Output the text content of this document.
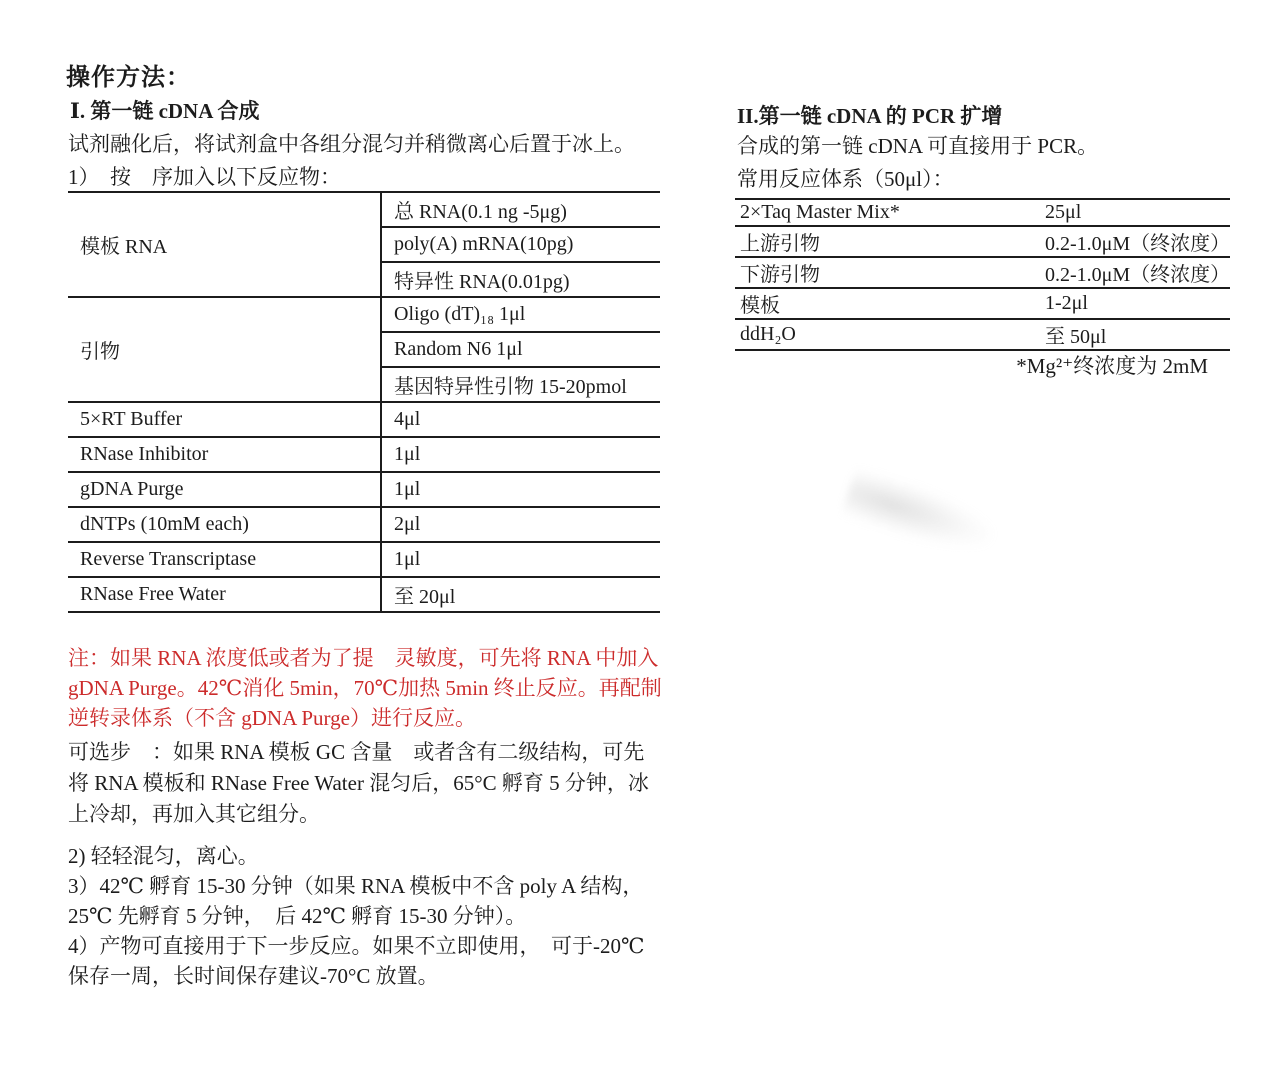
操作方法：
Ⅰ. 第一链 cDNA 合成
试剂融化后，将试剂盒中各组分混匀并稍微离心后置于冰上。
1）　按　序加入以下反应物：
模板 RNA	总 RNA(0.1 ng -5μg)
	poly(A) mRNA(10pg)
	特异性 RNA(0.01pg)
引物	Oligo (dT)₁₈ 1μl
	Random N6 1μl
	基因特异性引物 15-20pmol
5×RT Buffer	4μl
RNase Inhibitor	1μl
gDNA Purge	1μl
dNTPs (10mM each)	2μl
Reverse Transcriptase	1μl
RNase Free Water	至 20μl
注：如果 RNA 浓度低或者为了提　灵敏度，可先将 RNA 中加入
gDNA Purge。42℃消化 5min，70℃加热 5min 终止反应。再配制
逆转录体系（不含 gDNA Purge）进行反应。
可选步　：如果 RNA 模板 GC 含量　或者含有二级结构，可先
将 RNA 模板和 RNase Free Water 混匀后，65°C 孵育 5 分钟，冰
上冷却，再加入其它组分。
2) 轻轻混匀，离心。
3）42℃ 孵育 15-30 分钟（如果 RNA 模板中不含 poly A 结构，
25℃ 先孵育 5 分钟，　后 42℃ 孵育 15-30 分钟）。
4）产物可直接用于下一步反应。如果不立即使用，　可于-20℃
保存一周，长时间保存建议-70°C 放置。
II.第一链 cDNA 的 PCR 扩增
合成的第一链 cDNA 可直接用于 PCR。
常用反应体系（50μl）：
2×Taq Master Mix*	25μl
上游引物	0.2-1.0μM（终浓度）
下游引物	0.2-1.0μM（终浓度）
模板	1-2μl
ddH₂O	至 50μl
*Mg²⁺终浓度为 2mM
